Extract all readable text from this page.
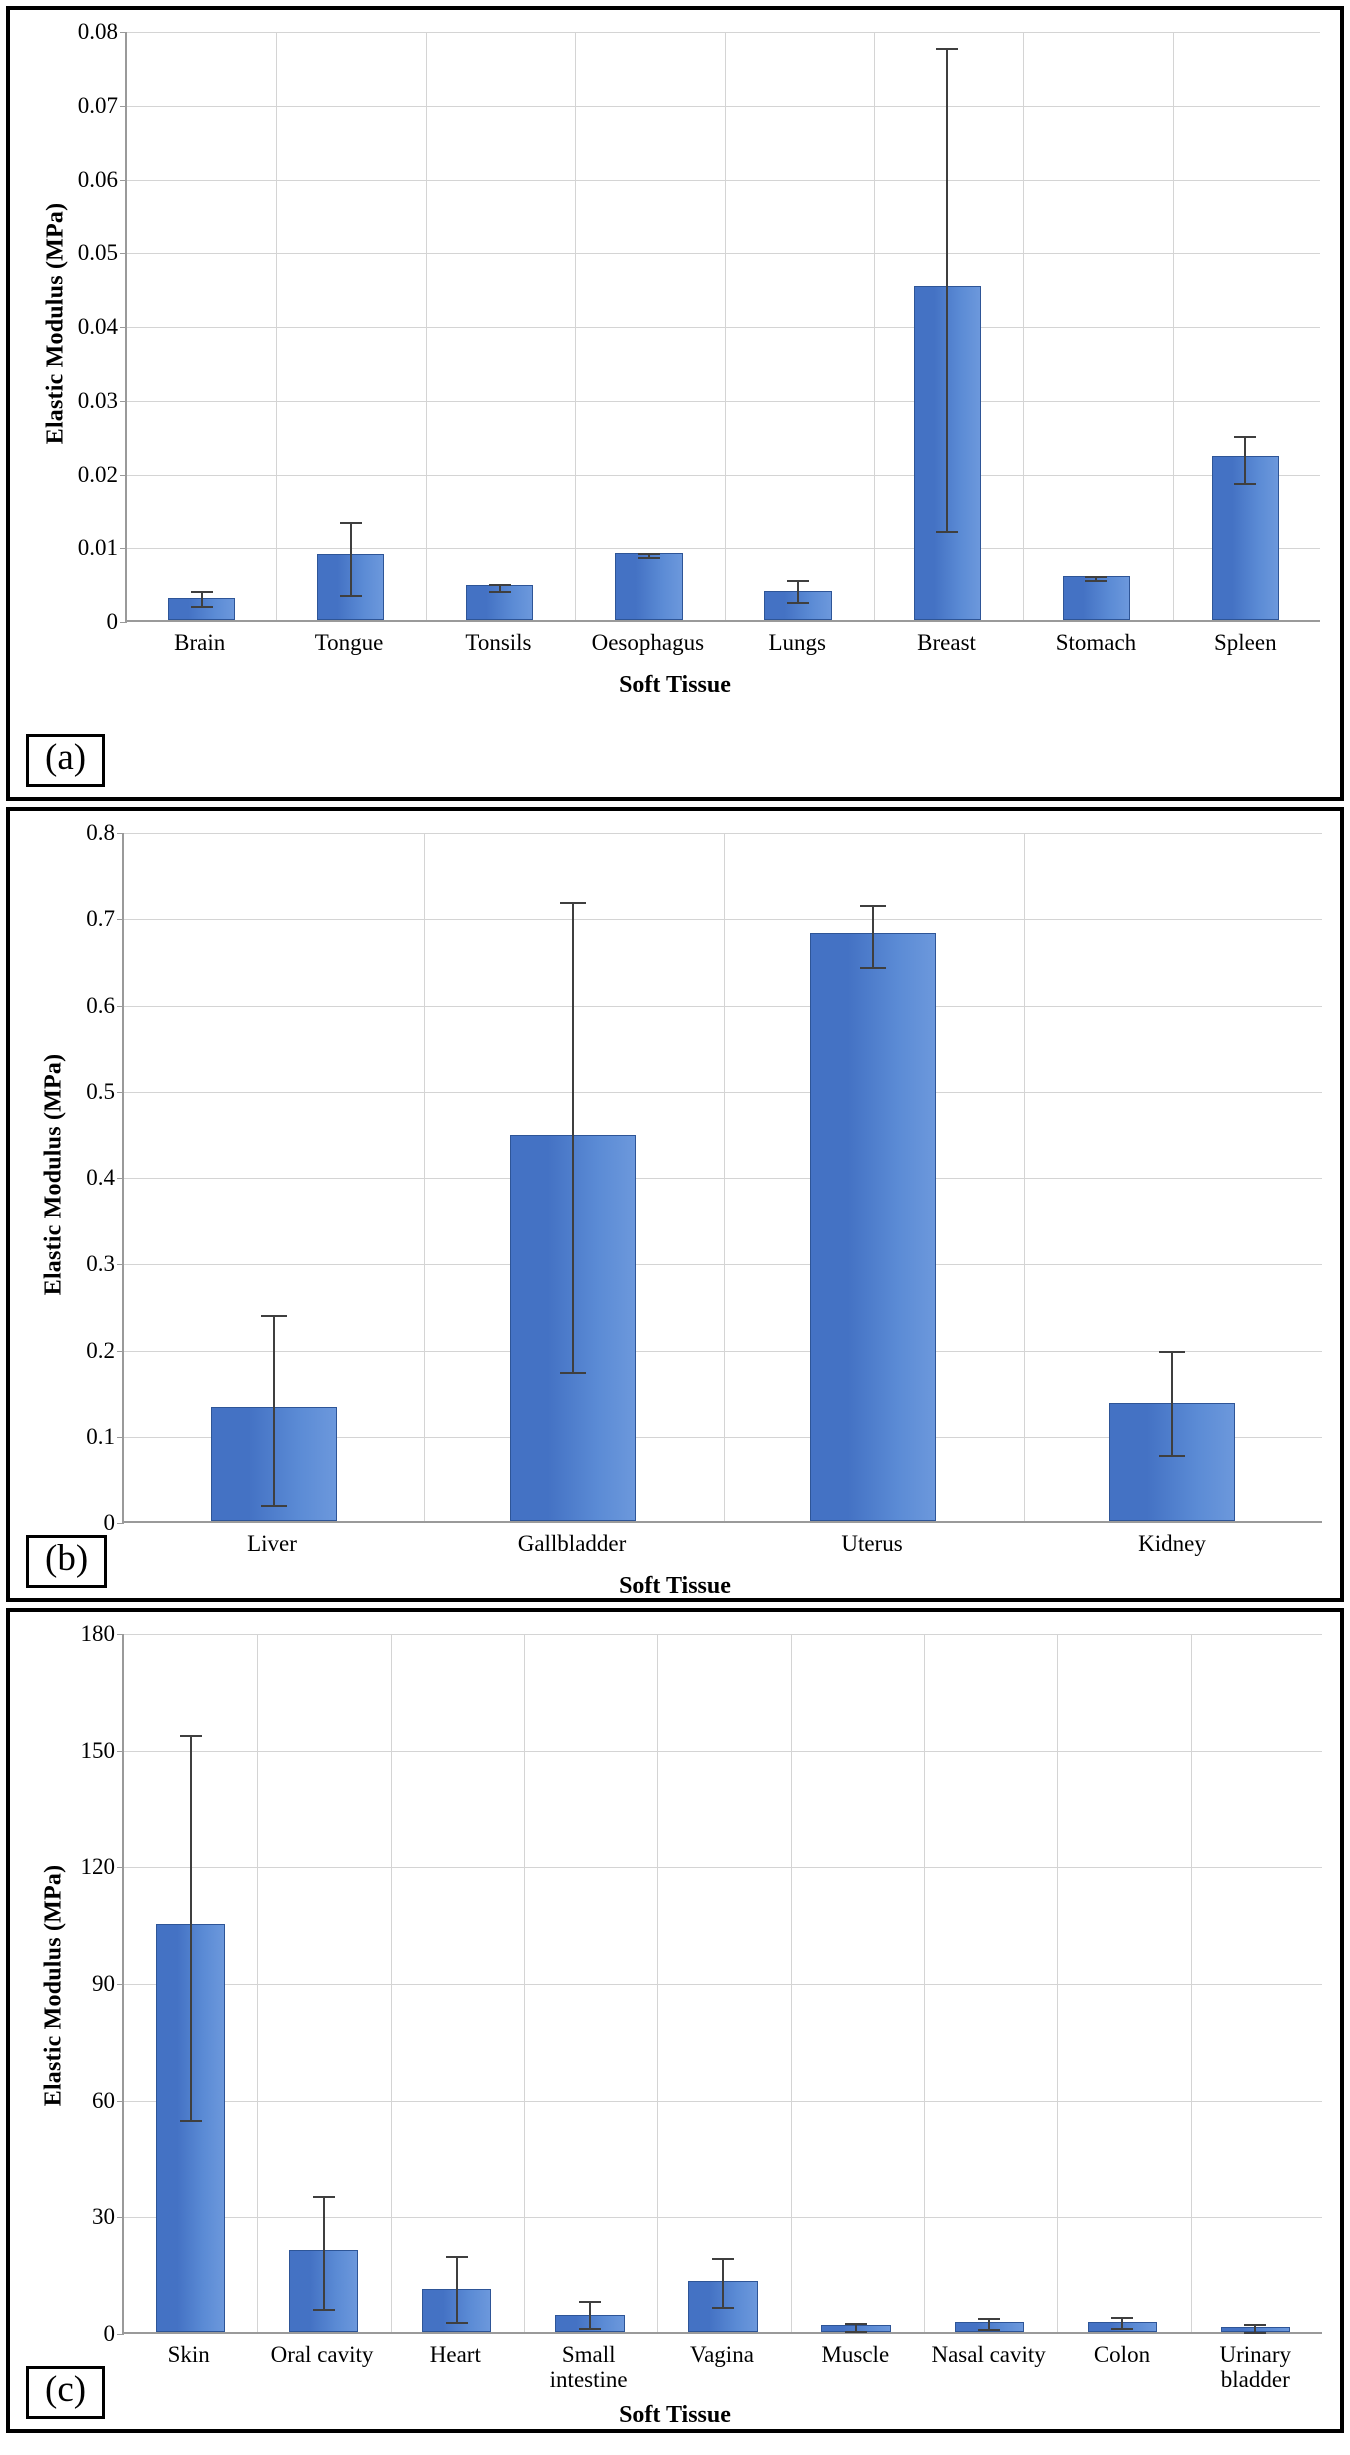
Elastic Modulus (MPa)
0
0.01
0.02
0.03
0.04
0.05
0.06
0.07
0.08
Brain	Tongue	Tonsils	Oesophagus	Lungs	Breast	Stomach	Spleen
Soft Tissue
(a)
Elastic Modulus (MPa)
0
0.1
0.2
0.3
0.4
0.5
0.6
0.7
0.8
Liver	Gallbladder	Uterus	Kidney
Soft Tissue
(b)
Elastic Modulus (MPa)
0
30
60
90
120
150
180
Skin	Oral cavity	Heart	Small intestine
Vagina	Muscle	Nasal cavity	Colon	Urinary bladder
Soft Tissue
(c)
